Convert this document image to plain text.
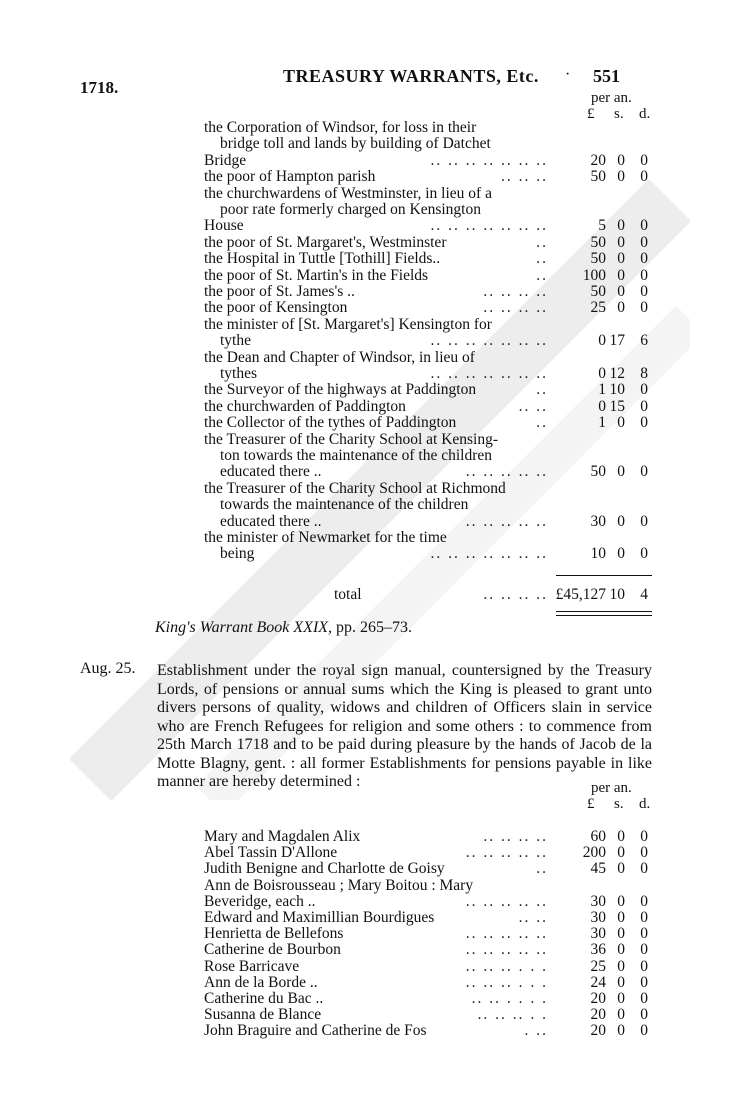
1718.
TREASURY WARRANTS, Etc. · 551
per an.
£ s. d.
the Corporation of Windsor, for loss in their
bridge toll and lands by building of Datchet
Bridge	.. .. .. .. .. .. ..	20 0 0
the poor of Hampton parish	.. .. ..	50 0 0
the churchwardens of Westminster, in lieu of a
poor rate formerly charged on Kensington
House	.. .. .. .. .. .. ..	5 0 0
the poor of St. Margaret's, Westminster	..	50 0 0
the Hospital in Tuttle [Tothill] Fields..	..	50 0 0
the poor of St. Martin's in the Fields	..	100 0 0
the poor of St. James's ..	.. .. .. ..	50 0 0
the poor of Kensington	.. .. .. ..	25 0 0
the minister of [St. Margaret's] Kensington for
tythe	.. .. .. .. .. .. ..	0 17 6
the Dean and Chapter of Windsor, in lieu of
tythes	.. .. .. .. .. .. ..	0 12 8
the Surveyor of the highways at Paddington	..	1 10 0
the churchwarden of Paddington	.. ..	0 15 0
the Collector of the tythes of Paddington	..	1 0 0
the Treasurer of the Charity School at Kensing-
ton towards the maintenance of the children
educated there ..	.. .. .. .. ..	50 0 0
the Treasurer of the Charity School at Richmond
towards the maintenance of the children
educated there ..	.. .. .. .. ..	30 0 0
the minister of Newmarket for the time
being	.. .. .. .. .. .. ..	10 0 0
total	.. .. .. .. £45,127 10 4
King's Warrant Book XXIX, pp. 265–73.
Aug. 25. Establishment under the royal sign manual, countersigned by the Treasury Lords, of pensions or annual sums which the King is pleased to grant unto divers persons of quality, widows and children of Officers slain in service who are French Refugees for religion and some others : to commence from 25th March 1718 and to be paid during pleasure by the hands of Jacob de la Motte Blagny, gent. : all former Establishments for pensions payable in like manner are hereby determined :	per an.
£ s. d.
Mary and Magdalen Alix	.. .. .. ..	60 0 0
Abel Tassin D'Allone	.. .. .. .. ..	200 0 0
Judith Benigne and Charlotte de Goisy	..	45 0 0
Ann de Boisrousseau ; Mary Boitou : Mary
Beveridge, each ..	.. .. .. .. ..	30 0 0
Edward and Maximillian Bourdigues	.. ..	30 0 0
Henrietta de Bellefons	.. .. .. .. ..	30 0 0
Catherine de Bourbon	.. .. .. .. ..	36 0 0
Rose Barricave	.. .. .. . . .	25 0 0
Ann de la Borde ..	.. .. .. . . .	24 0 0
Catherine du Bac ..	.. .. . . . .	20 0 0
Susanna de Blance	.. .. .. . .	20 0 0
John Braguire and Catherine de Fos	. ..	20 0 0
